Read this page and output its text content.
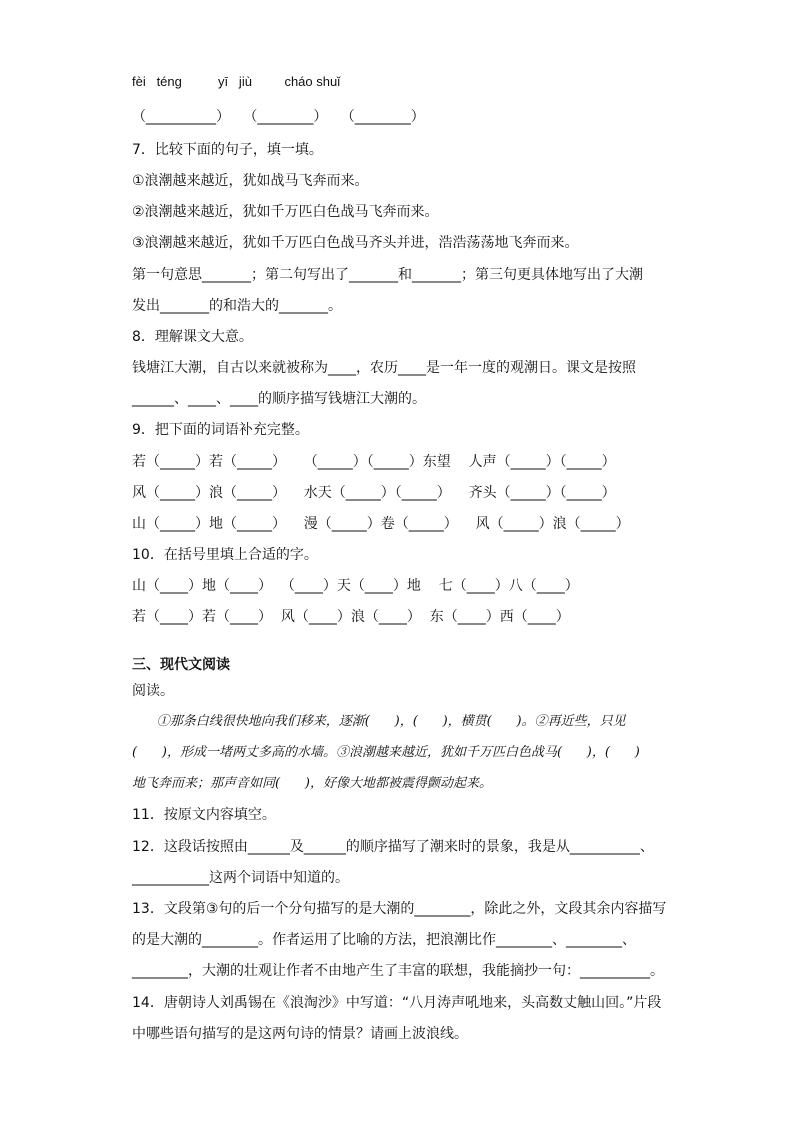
fèi   téng          yī   jiù         cháo shuǐ
（__________）   （________）   （________）
7．比较下面的句子，填一填。
①浪潮越来越近，犹如战马飞奔而来。
②浪潮越来越近，犹如千万匹白色战马飞奔而来。
③浪潮越来越近，犹如千万匹白色战马齐头并进，浩浩荡荡地飞奔而来。
第一句意思_______；第二句写出了_______和_______；第三句更具体地写出了大潮
发出_______的和浩大的_______。
8．理解课文大意。
钱塘江大潮，自古以来就被称为____，农历____是一年一度的观潮日。课文是按照
______、____、____的顺序描写钱塘江大潮的。
9．把下面的词语补充完整。
若（_____）若（_____）    （_____）（_____）东望    人声（_____）（_____）
风（_____）浪（_____）    水天（_____）（_____）    齐头（_____）（_____）
山（_____）地（_____）    漫（_____）卷（_____）    风（_____）浪（_____）
10．在括号里填上合适的字。
山（____）地（____）  （____）天（____）地    七（____）八（____）
若（____）若（____）  风（____）浪（____）  东（____）西（____）
三、现代文阅读
阅读。
①那条白线很快地向我们移来，逐渐(      )，(      )，横贯(      )。②再近些，只见
(      )，形成一堵两丈多高的水墙。③浪潮越来越近，犹如千万匹白色战马(      )，(      )
地飞奔而来；那声音如同(      )，好像大地都被震得颤动起来。
11．按原文内容填空。
12．这段话按照由______及______的顺序描写了潮来时的景象，我是从__________、
___________这两个词语中知道的。
13．文段第③句的后一个分句描写的是大潮的________，除此之外，文段其余内容描写
的是大潮的________。作者运用了比喻的方法，把浪潮比作________、________、
________，大潮的壮观让作者不由地产生了丰富的联想，我能摘抄一句：__________。
14．唐朝诗人刘禹锡在《浪淘沙》中写道：“八月涛声吼地来，头高数丈触山回。”片段
中哪些语句描写的是这两句诗的情景？请画上波浪线。
